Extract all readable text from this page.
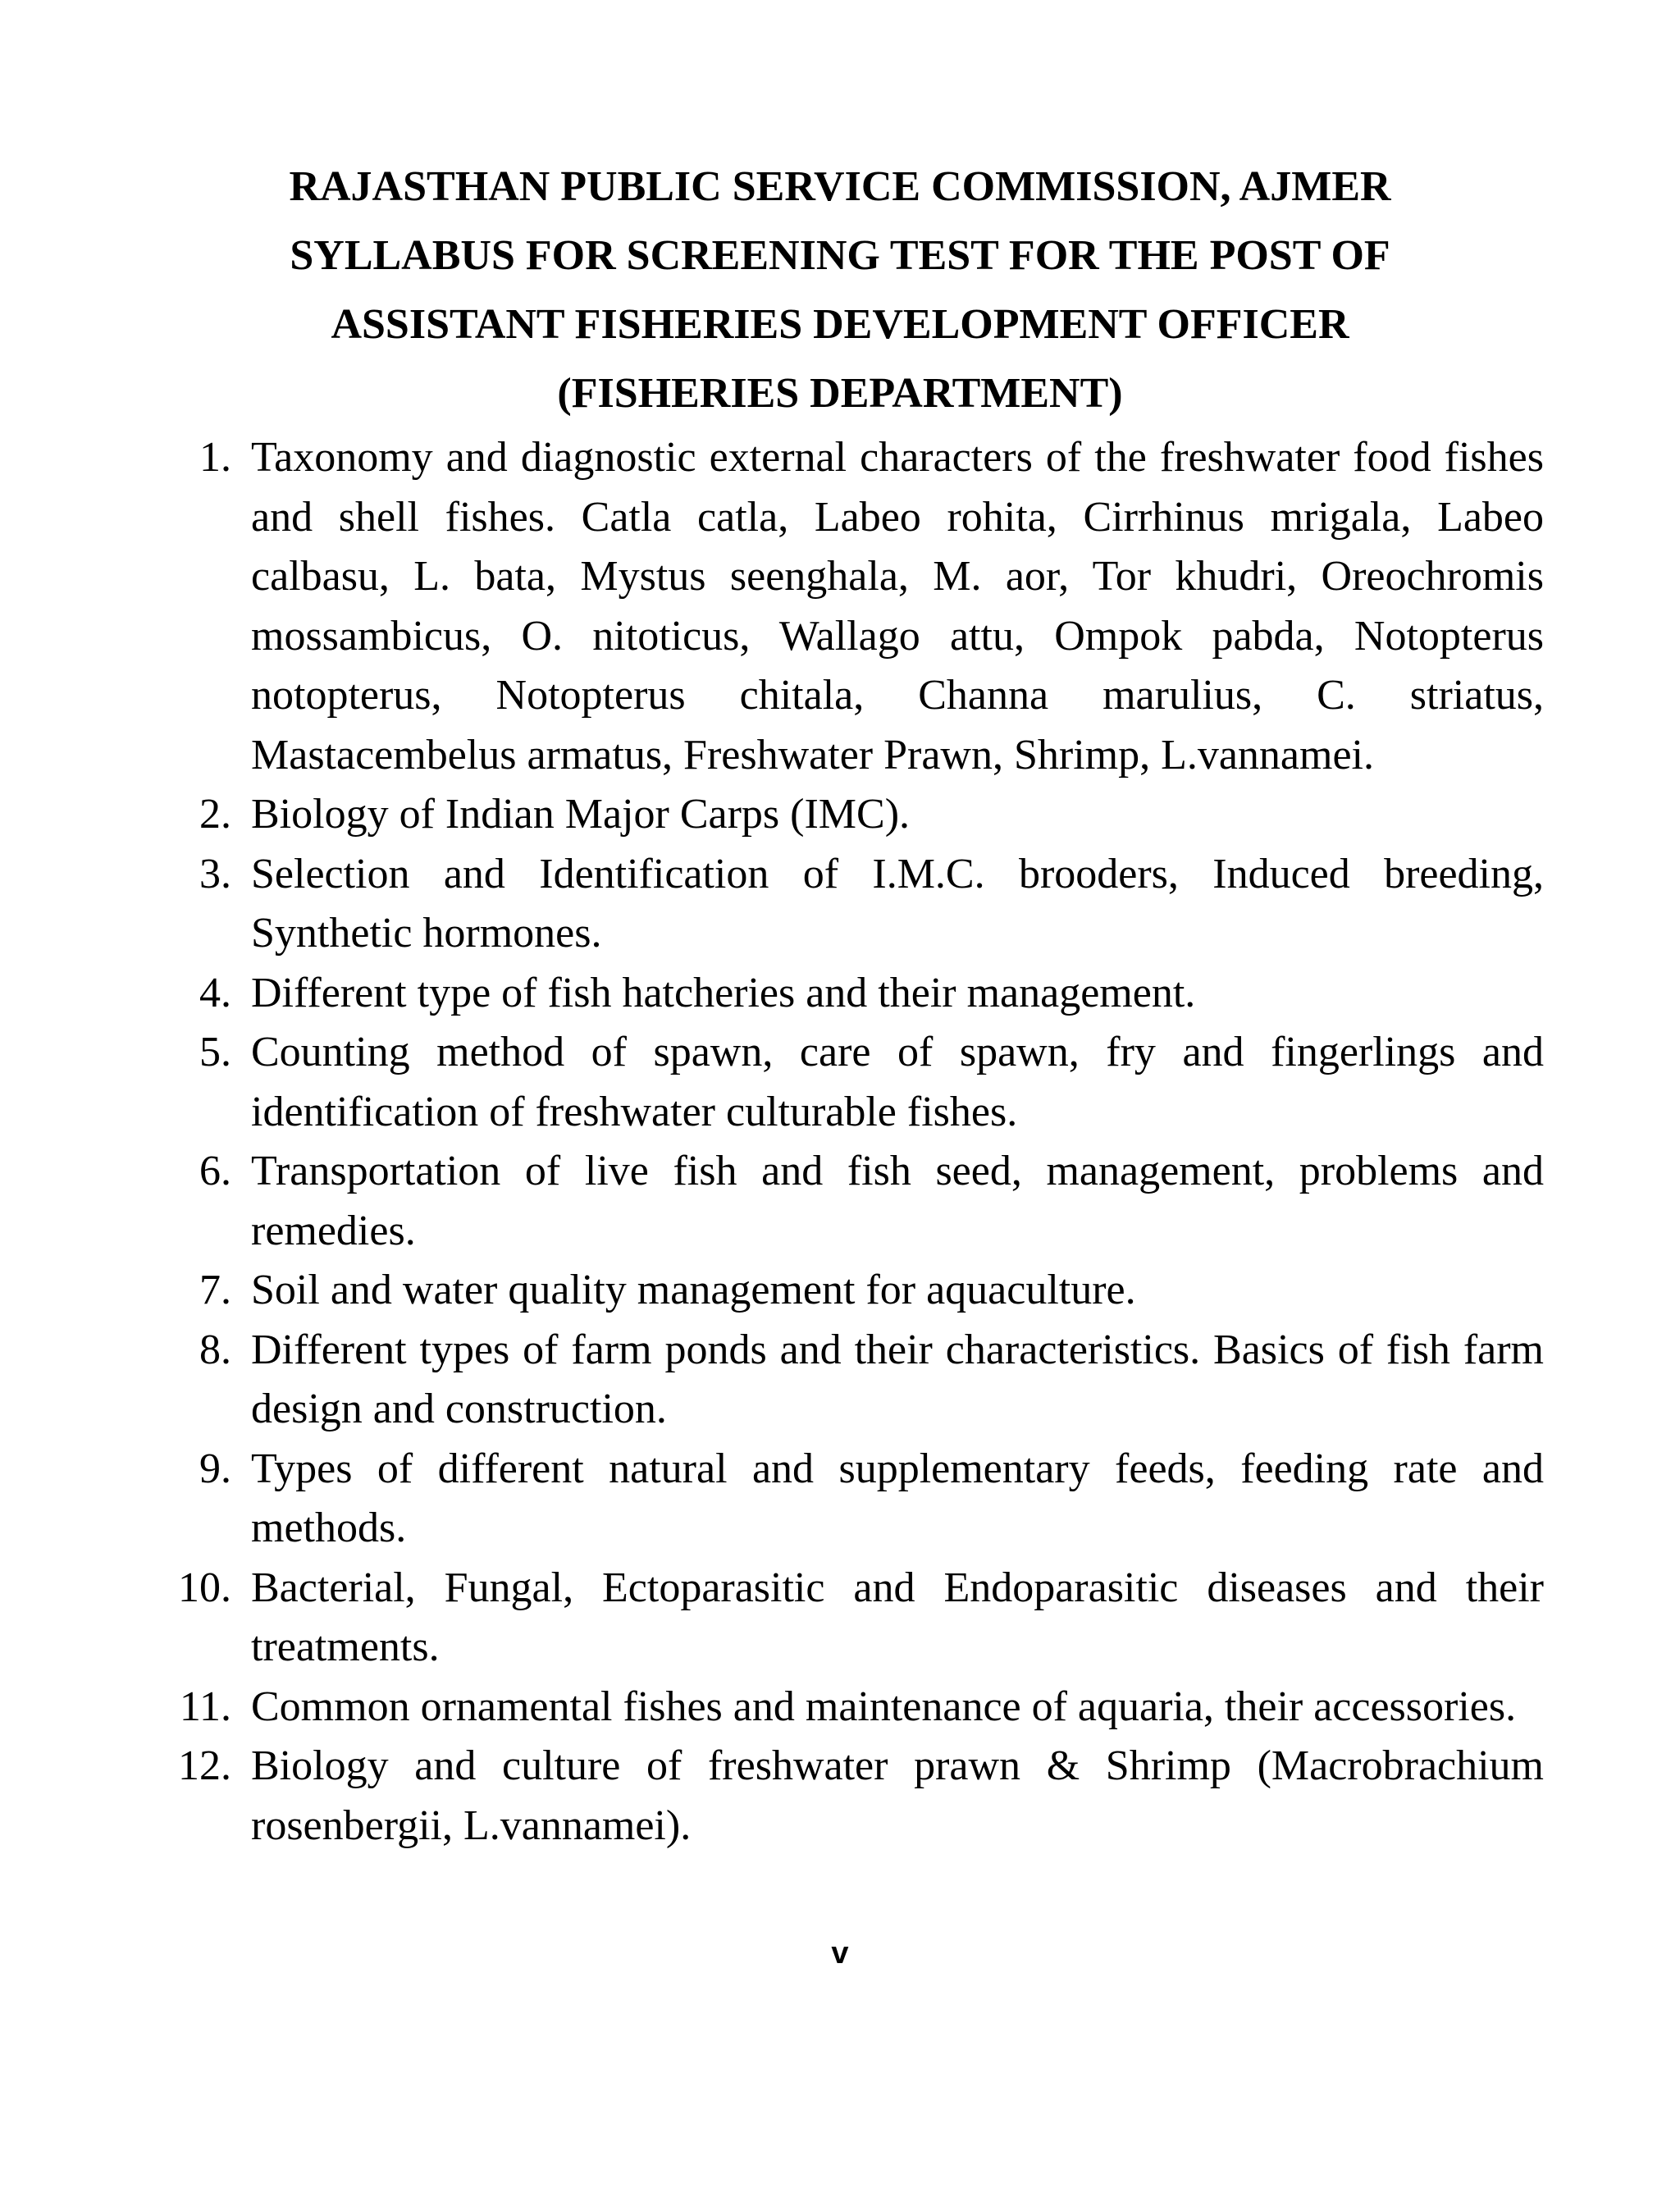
RAJASTHAN PUBLIC SERVICE COMMISSION, AJMER

SYLLABUS FOR SCREENING TEST FOR THE POST OF

ASSISTANT FISHERIES DEVELOPMENT OFFICER

(FISHERIES DEPARTMENT)

1. Taxonomy and diagnostic external characters of the freshwater food fishes and shell fishes. Catla catla, Labeo rohita, Cirrhinus mrigala, Labeo calbasu, L. bata, Mystus seenghala, M. aor, Tor khudri, Oreochromis mossambicus, O. nitoticus, Wallago attu, Ompok pabda, Notopterus notopterus, Notopterus chitala, Channa marulius, C. striatus, Mastacembelus armatus, Freshwater Prawn, Shrimp, L.vannamei.
2. Biology of Indian Major Carps (IMC).
3. Selection and Identification of I.M.C. brooders, Induced breeding, Synthetic hormones.
4. Different type of fish hatcheries and their management.
5. Counting method of spawn, care of spawn, fry and fingerlings and identification of freshwater culturable fishes.
6. Transportation of live fish and fish seed, management, problems and remedies.
7. Soil and water quality management for aquaculture.
8. Different types of farm ponds and their characteristics. Basics of fish farm design and construction.
9. Types of different natural and supplementary feeds, feeding rate and methods.
10. Bacterial, Fungal, Ectoparasitic and Endoparasitic diseases and their treatments.
11. Common ornamental fishes and maintenance of aquaria, their accessories.
12. Biology and culture of freshwater prawn & Shrimp (Macrobrachium rosenbergii, L.vannamei).
v
